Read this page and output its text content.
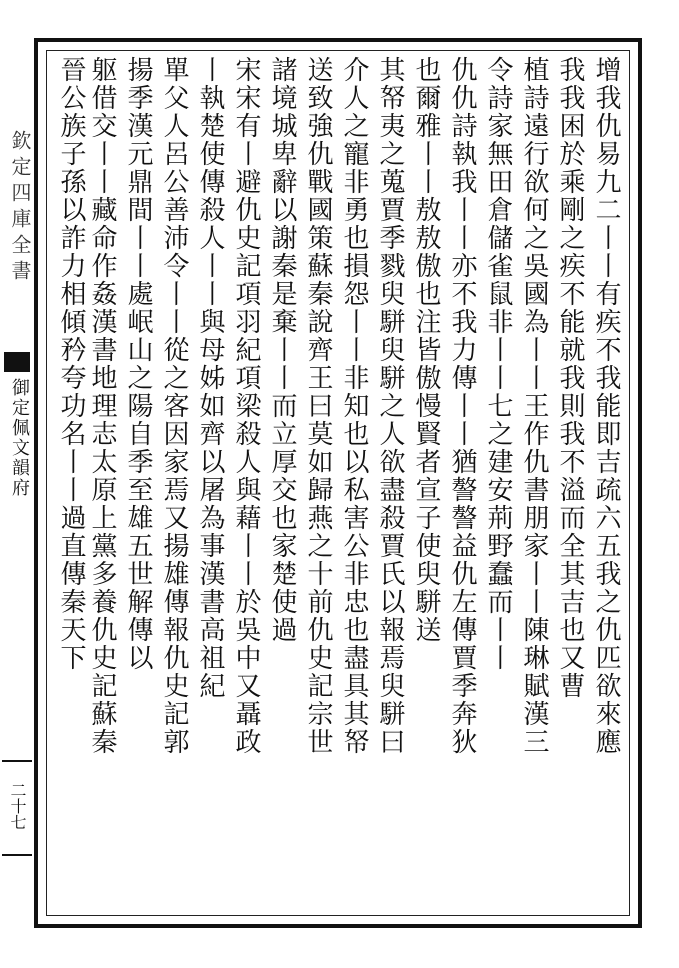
欽定四庫全書
御定佩文韻府
二十七
增我仇易九二丨丨有疾不我能即吉疏六五我之仇匹欲來應
我我困於乘剛之疾不能就我則我不溢而全其吉也又曹
植詩遠行欲何之吳國為丨丨王作仇書朋家丨丨陳琳賦漢三
令詩家無田倉儲雀鼠非丨丨七之建安荊野蠢而丨丨
仇仇詩執我丨丨亦不我力傳丨丨猶謷謷益仇左傳賈季奔狄
也爾雅丨丨敖敖傲也注皆傲慢賢者宣子使臾駢送
其帑夷之蒐賈季戮臾駢臾駢之人欲盡殺賈氏以報焉臾駢曰
介人之寵非勇也損怨丨丨非知也以私害公非忠也盡具其帑
送致強仇戰國策蘇秦說齊王曰莫如歸燕之十前仇史記宗世
諸境城卑辭以謝秦是棄丨丨而立厚交也家楚使過
宋宋有丨避仇史記項羽紀項梁殺人與藉丨丨於吳中又聶政
丨執楚使傳殺人丨丨與母姊如齊以屠為事漢書高祖紀
單父人呂公善沛令丨丨從之客因家焉又揚雄傳報仇史記郭
揚季漢元鼎間丨丨處岷山之陽自季至雄五世解傳以
躯借交丨丨藏命作姦漢書地理志太原上黨多養仇史記蘇秦
晉公族子孫以詐力相傾矜夸功名丨丨過直傳秦天下
